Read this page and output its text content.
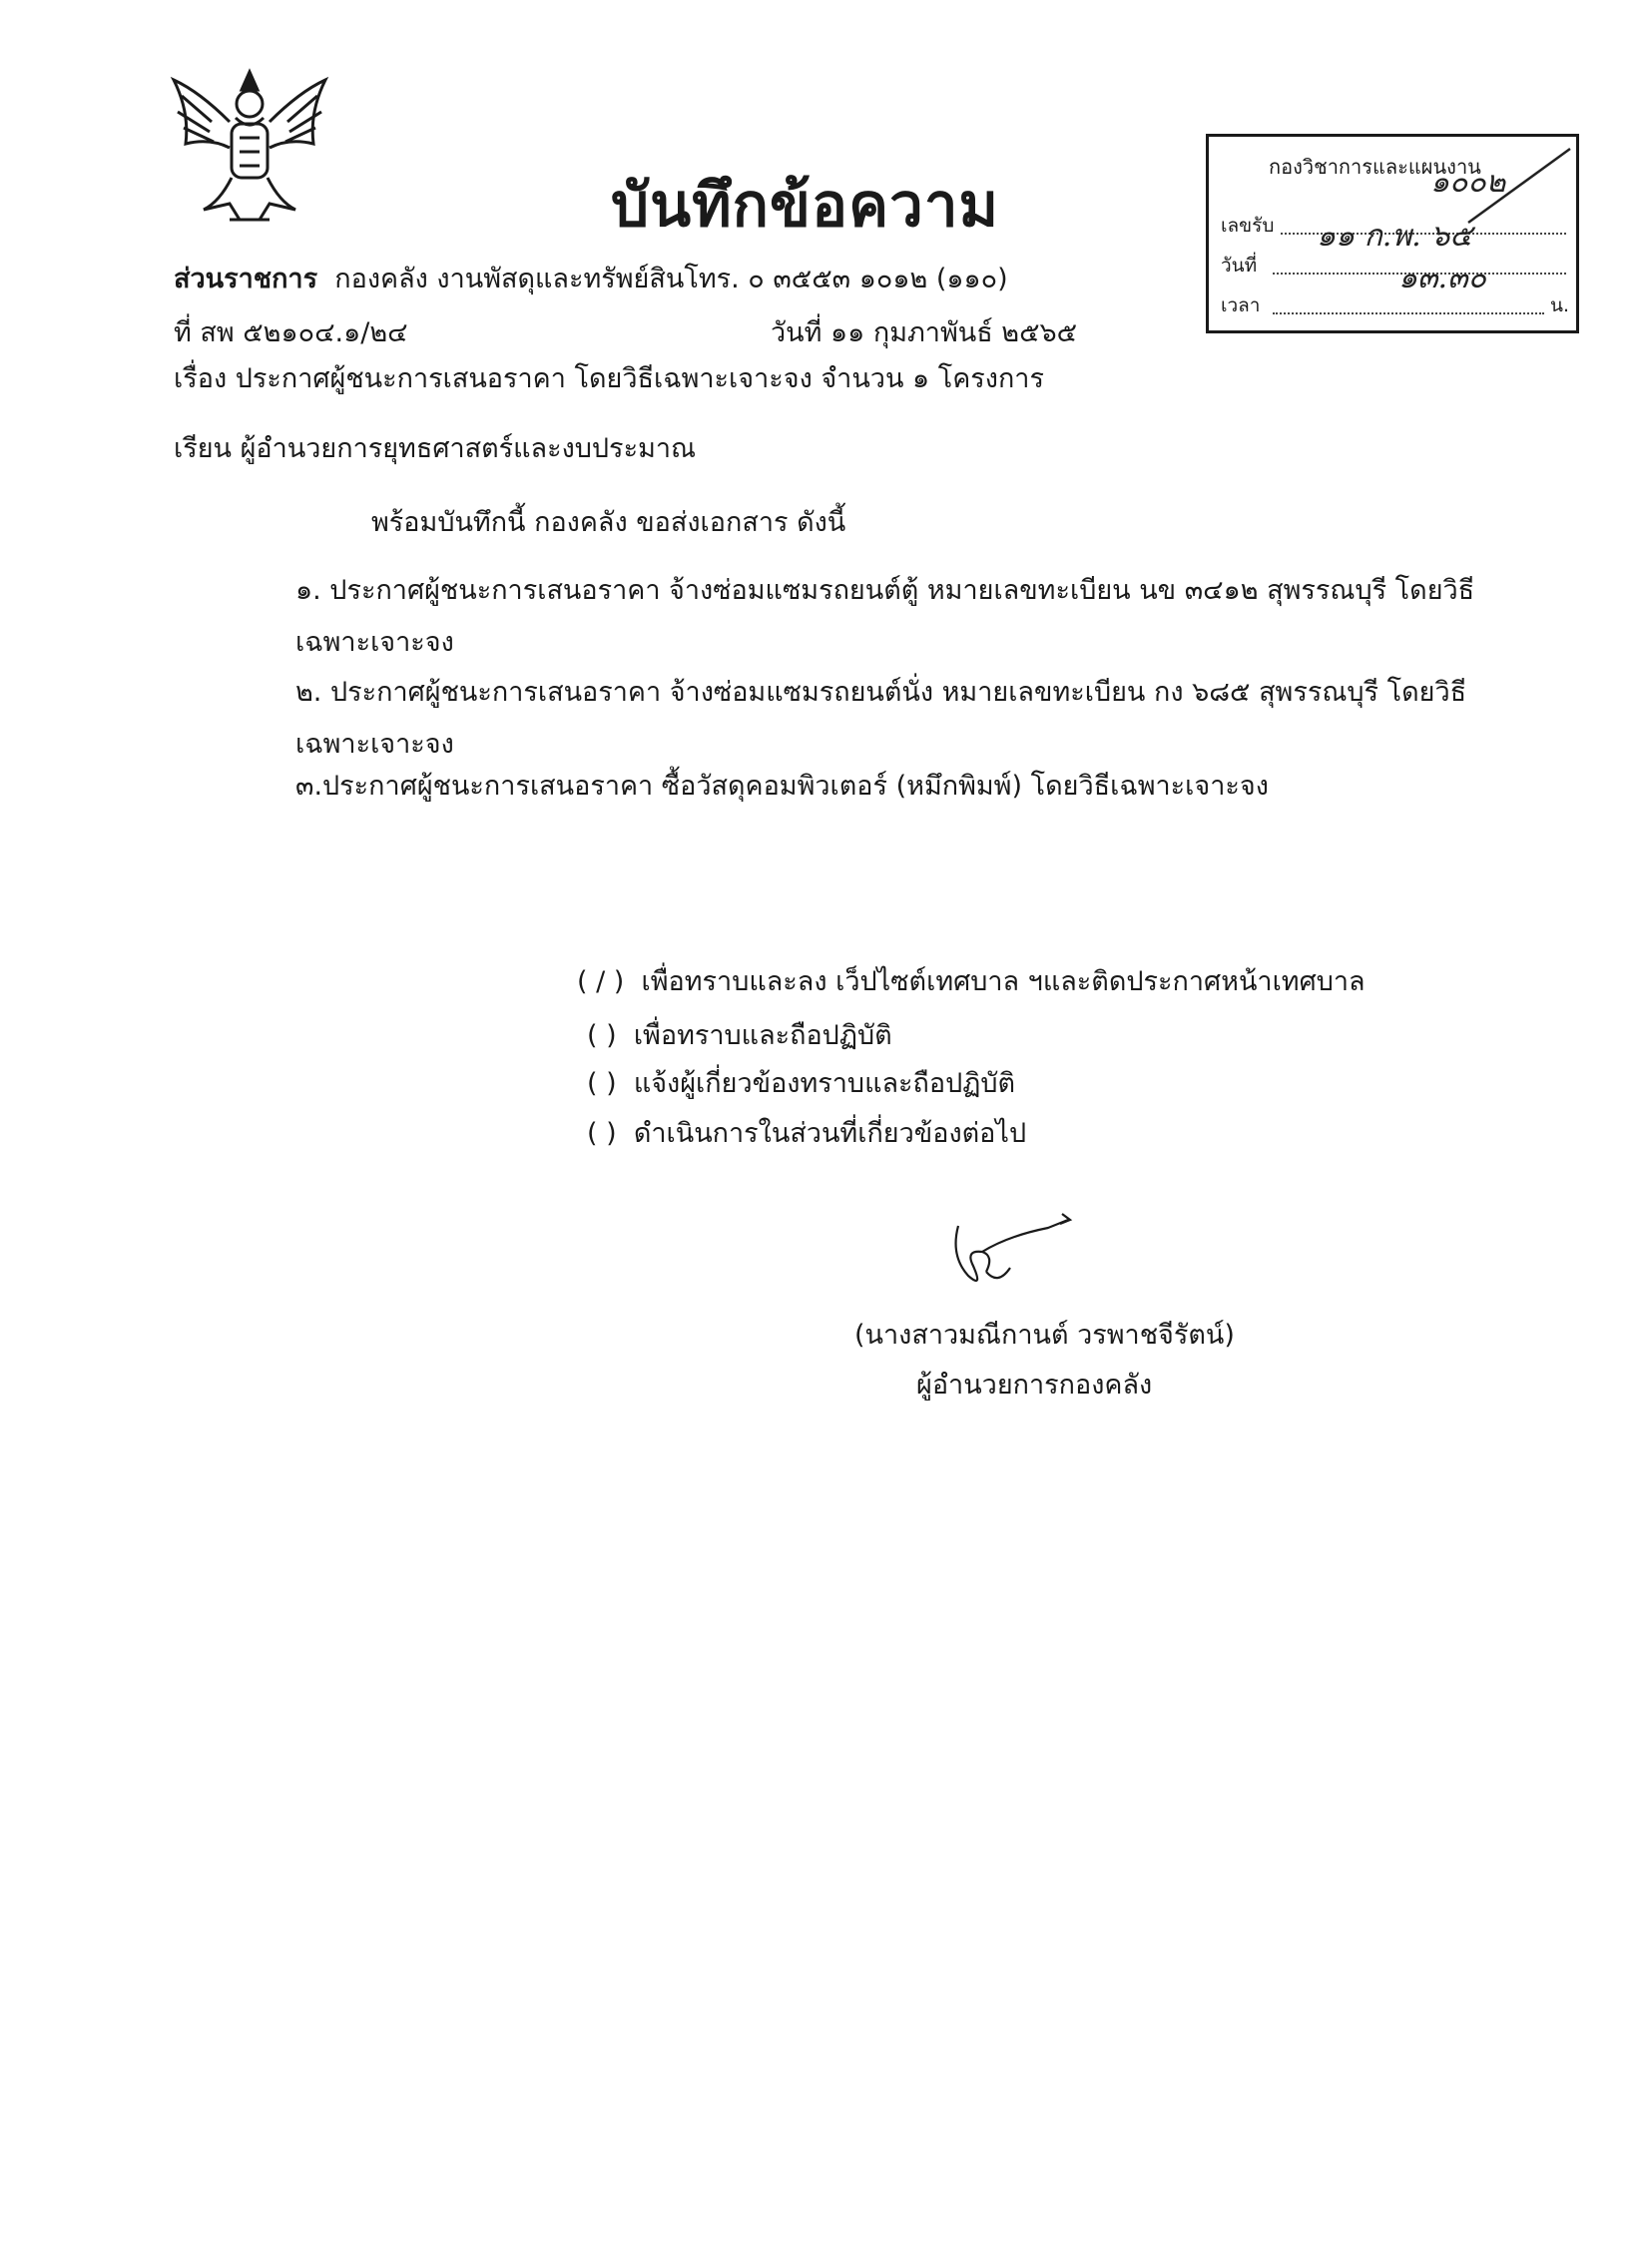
บันทึกข้อความ
กองวิชาการและแผนงาน
เลขรับ
วันที่
เวลา	น.
๑๐๐๒
๑๑ ก.พ. ๖๕
๑๓.๓๐
ส่วนราชการ กองคลัง งานพัสดุและทรัพย์สินโทร. ๐ ๓๕๕๓ ๑๐๑๒ (๑๑๐)
ที่ สพ ๕๒๑๐๔.๑/๒๔	วันที่ ๑๑ กุมภาพันธ์ ๒๕๖๕
เรื่อง ประกาศผู้ชนะการเสนอราคา โดยวิธีเฉพาะเจาะจง จำนวน ๑ โครงการ
เรียน ผู้อำนวยการยุทธศาสตร์และงบประมาณ
พร้อมบันทึกนี้ กองคลัง ขอส่งเอกสาร ดังนี้
๑. ประกาศผู้ชนะการเสนอราคา จ้างซ่อมแซมรถยนต์ตู้ หมายเลขทะเบียน นข ๓๔๑๒ สุพรรณบุรี โดยวิธี
เฉพาะเจาะจง
๒. ประกาศผู้ชนะการเสนอราคา จ้างซ่อมแซมรถยนต์นั่ง หมายเลขทะเบียน กง ๖๘๕ สุพรรณบุรี โดยวิธี
เฉพาะเจาะจง
๓.ประกาศผู้ชนะการเสนอราคา ซื้อวัสดุคอมพิวเตอร์ (หมึกพิมพ์) โดยวิธีเฉพาะเจาะจง
( / ) เพื่อทราบและลง เว็ปไซต์เทศบาล ฯและติดประกาศหน้าเทศบาล
( ) เพื่อทราบและถือปฏิบัติ
( ) แจ้งผู้เกี่ยวข้องทราบและถือปฏิบัติ
( ) ดำเนินการในส่วนที่เกี่ยวข้องต่อไป
(นางสาวมณีกานต์ วรพาชจีรัตน์)
ผู้อำนวยการกองคลัง
